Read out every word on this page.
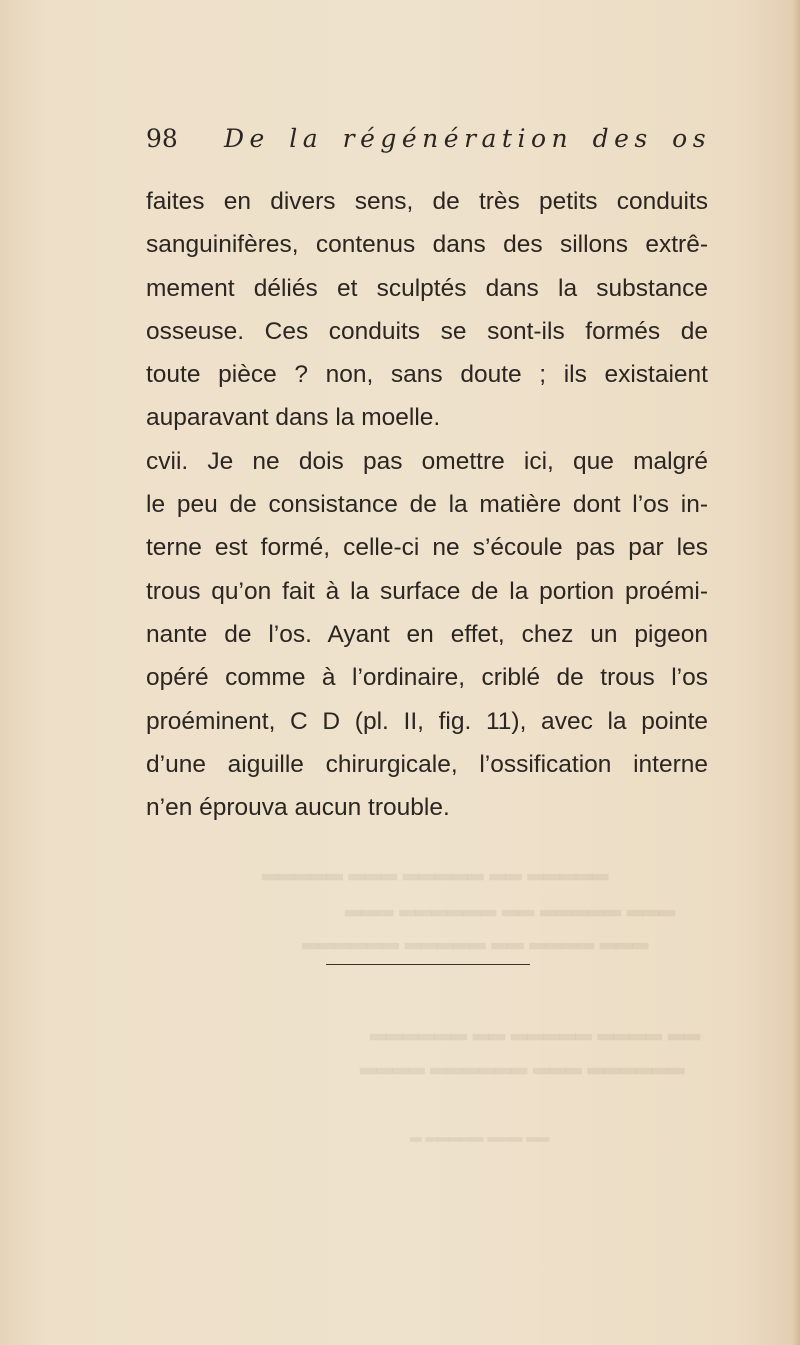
98	De la régénération des os
faites en divers sens, de très petits conduits
sanguinifères, contenus dans des sillons extrê-
mement déliés et sculptés dans la substance
osseuse. Ces conduits se sont-ils formés de
toute pièce ? non, sans doute ; ils existaient
auparavant dans la moelle.
cvii. Je ne dois pas omettre ici, que malgré
le peu de consistance de la matière dont l’os in-
terne est formé, celle-ci ne s’écoule pas par les
trous qu’on fait à la surface de la portion proémi-
nante de l’os. Ayant en effet, chez un pigeon
opéré comme à l’ordinaire, criblé de trous l’os
proéminent, C D (pl. II, fig. 11), avec la pointe
d’une aiguille chirurgicale, l’ossification interne
n’en éprouva aucun trouble.
▂▂▂▂▂ ▂▂▂ ▂▂▂▂▂ ▂▂ ▂▂▂▂▂
▂▂▂ ▂▂▂▂▂▂ ▂▂ ▂▂▂▂▂ ▂▂▂
▂▂▂▂▂▂ ▂▂▂▂▂ ▂▂ ▂▂▂▂ ▂▂▂
▂▂▂▂▂▂ ▂▂ ▂▂▂▂▂ ▂▂▂▂ ▂▂
▂▂▂▂ ▂▂▂▂▂▂ ▂▂▂ ▂▂▂▂▂▂
▂ ▂▂▂▂▂ ▂▂▂ ▂▂
